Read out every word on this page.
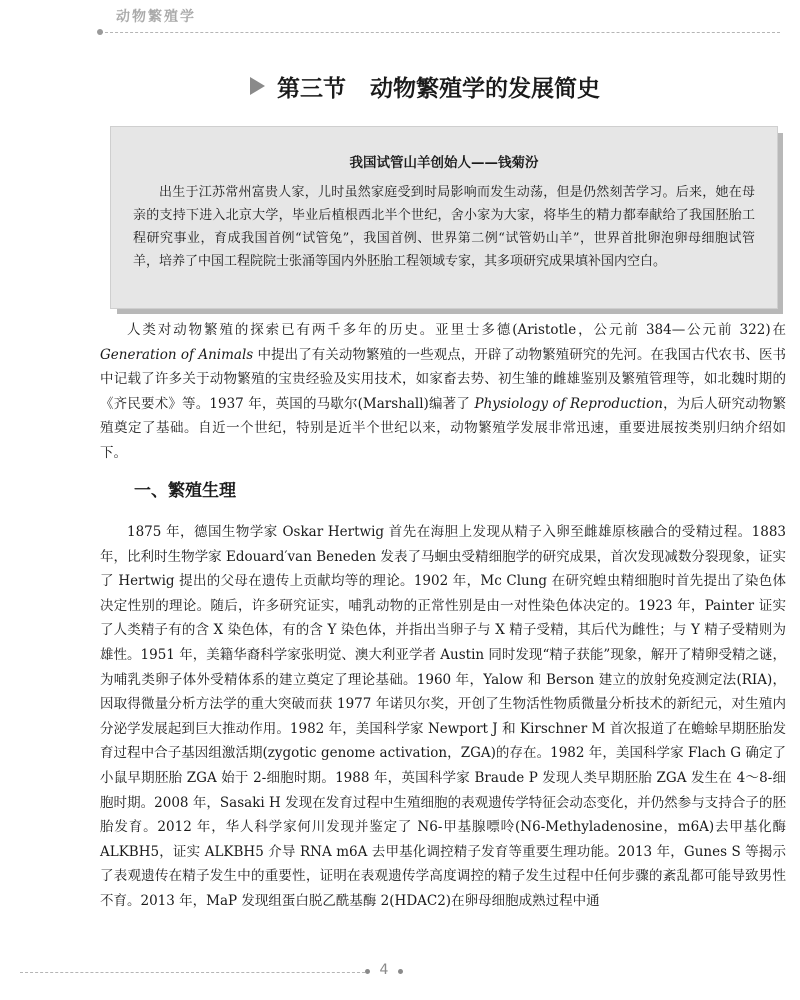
动物繁殖学
第三节   动物繁殖学的发展简史
我国试管山羊创始人——钱菊汾
出生于江苏常州富贵人家，儿时虽然家庭受到时局影响而发生动荡，但是仍然刻苦学习。后来，她在母亲的支持下进入北京大学，毕业后植根西北半个世纪，舍小家为大家，将毕生的精力都奉献给了我国胚胎工程研究事业，育成我国首例“试管兔”，我国首例、世界第二例“试管奶山羊”，世界首批卵泡卵母细胞试管羊，培养了中国工程院院士张涌等国内外胚胎工程领域专家，其多项研究成果填补国内空白。
人类对动物繁殖的探索已有两千多年的历史。亚里士多德(Aristotle，公元前 384—公元前 322)在 Generation of Animals 中提出了有关动物繁殖的一些观点，开辟了动物繁殖研究的先河。在我国古代农书、医书中记载了许多关于动物繁殖的宝贵经验及实用技术，如家畜去势、初生雏的雌雄鉴别及繁殖管理等，如北魏时期的《齐民要术》等。1937 年，英国的马歇尔(Marshall)编著了 Physiology of Reproduction，为后人研究动物繁殖奠定了基础。自近一个世纪，特别是近半个世纪以来，动物繁殖学发展非常迅速，重要进展按类别归纳介绍如下。
一、繁殖生理
1875 年，德国生物学家 Oskar Hertwig 首先在海胆上发现从精子入卵至雌雄原核融合的受精过程。1883 年，比利时生物学家 Edouard′van Beneden 发表了马蛔虫受精细胞学的研究成果，首次发现减数分裂现象，证实了 Hertwig 提出的父母在遗传上贡献均等的理论。1902 年，Mc Clung 在研究蝗虫精细胞时首先提出了染色体决定性别的理论。随后，许多研究证实，哺乳动物的正常性别是由一对性染色体决定的。1923 年，Painter 证实了人类精子有的含 X 染色体，有的含 Y 染色体，并指出当卵子与 X 精子受精，其后代为雌性；与 Y 精子受精则为雄性。1951 年，美籍华裔科学家张明觉、澳大利亚学者 Austin 同时发现“精子获能”现象，解开了精卵受精之谜，为哺乳类卵子体外受精体系的建立奠定了理论基础。1960 年，Yalow 和 Berson 建立的放射免疫测定法(RIA)，因取得微量分析方法学的重大突破而获 1977 年诺贝尔奖，开创了生物活性物质微量分析技术的新纪元，对生殖内分泌学发展起到巨大推动作用。1982 年，美国科学家 Newport J 和 Kirschner M 首次报道了在蟾蜍早期胚胎发育过程中合子基因组激活期(zygotic genome activation，ZGA)的存在。1982 年，美国科学家 Flach G 确定了小鼠早期胚胎 ZGA 始于 2-细胞时期。1988 年，英国科学家 Braude P 发现人类早期胚胎 ZGA 发生在 4～8-细胞时期。2008 年，Sasaki H 发现在发育过程中生殖细胞的表观遗传学特征会动态变化，并仍然参与支持合子的胚胎发育。2012 年，华人科学家何川发现并鉴定了 N6-甲基腺嘌呤(N6-Methyladenosine，m6A)去甲基化酶 ALKBH5，证实 ALKBH5 介导 RNA m6A 去甲基化调控精子发育等重要生理功能。2013 年，Gunes S 等揭示了表观遗传在精子发生中的重要性，证明在表观遗传学高度调控的精子发生过程中任何步骤的紊乱都可能导致男性不育。2013 年，MaP 发现组蛋白脱乙酰基酶 2(HDAC2)在卵母细胞成熟过程中通
4
